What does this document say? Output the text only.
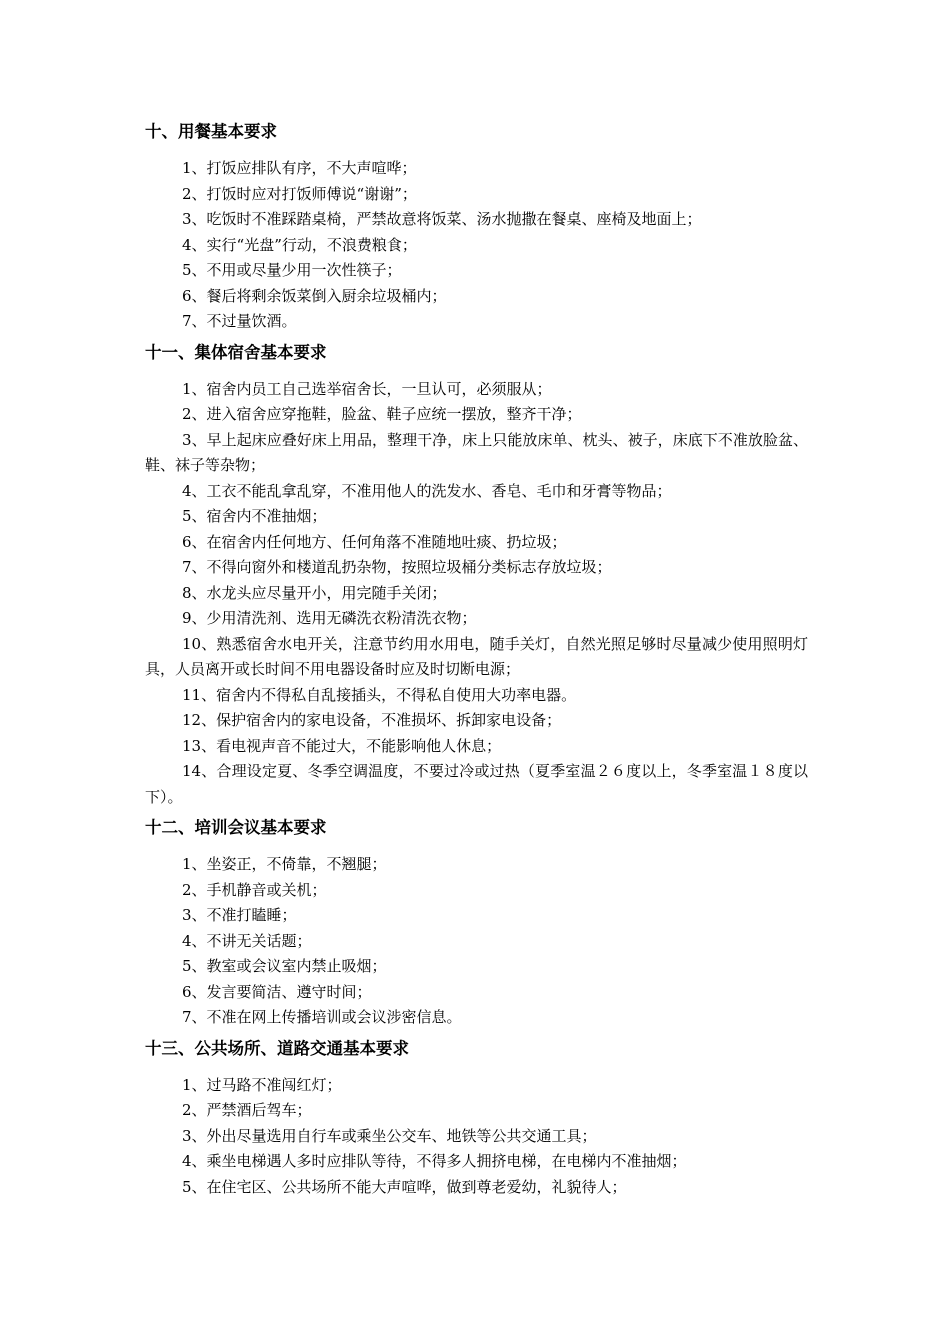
十、用餐基本要求

1、打饭应排队有序，不大声喧哗；

2、打饭时应对打饭师傅说“谢谢”；

3、吃饭时不准踩踏桌椅，严禁故意将饭菜、汤水抛撒在餐桌、座椅及地面上；

4、实行“光盘”行动，不浪费粮食；

5、不用或尽量少用一次性筷子；

6、餐后将剩余饭菜倒入厨余垃圾桶内；

7、不过量饮酒。

十一、集体宿舍基本要求

1、宿舍内员工自己选举宿舍长，一旦认可，必须服从；

2、进入宿舍应穿拖鞋，脸盆、鞋子应统一摆放，整齐干净；

3、早上起床应叠好床上用品，整理干净，床上只能放床单、枕头、被子，床底下不准放脸盆、鞋、袜子等杂物；

4、工衣不能乱拿乱穿，不准用他人的洗发水、香皂、毛巾和牙膏等物品；

5、宿舍内不准抽烟；

6、在宿舍内任何地方、任何角落不准随地吐痰、扔垃圾；

7、不得向窗外和楼道乱扔杂物，按照垃圾桶分类标志存放垃圾；

8、水龙头应尽量开小，用完随手关闭；

9、少用清洗剂、选用无磷洗衣粉清洗衣物；

10、熟悉宿舍水电开关，注意节约用水用电，随手关灯，自然光照足够时尽量减少使用照明灯具，人员离开或长时间不用电器设备时应及时切断电源；

11、宿舍内不得私自乱接插头，不得私自使用大功率电器。

12、保护宿舍内的家电设备，不准损坏、拆卸家电设备；

13、看电视声音不能过大，不能影响他人休息；

14、合理设定夏、冬季空调温度，不要过冷或过热（夏季室温２６度以上，冬季室温１８度以下）。

十二、培训会议基本要求

1、坐姿正，不倚靠，不翘腿；

2、手机静音或关机；

3、不准打瞌睡；

4、不讲无关话题；

5、教室或会议室内禁止吸烟；

6、发言要简洁、遵守时间；

7、不准在网上传播培训或会议涉密信息。

十三、公共场所、道路交通基本要求

1、过马路不准闯红灯；

2、严禁酒后驾车；

3、外出尽量选用自行车或乘坐公交车、地铁等公共交通工具；

4、乘坐电梯遇人多时应排队等待，不得多人拥挤电梯，在电梯内不准抽烟；

5、在住宅区、公共场所不能大声喧哗，做到尊老爱幼，礼貌待人；
